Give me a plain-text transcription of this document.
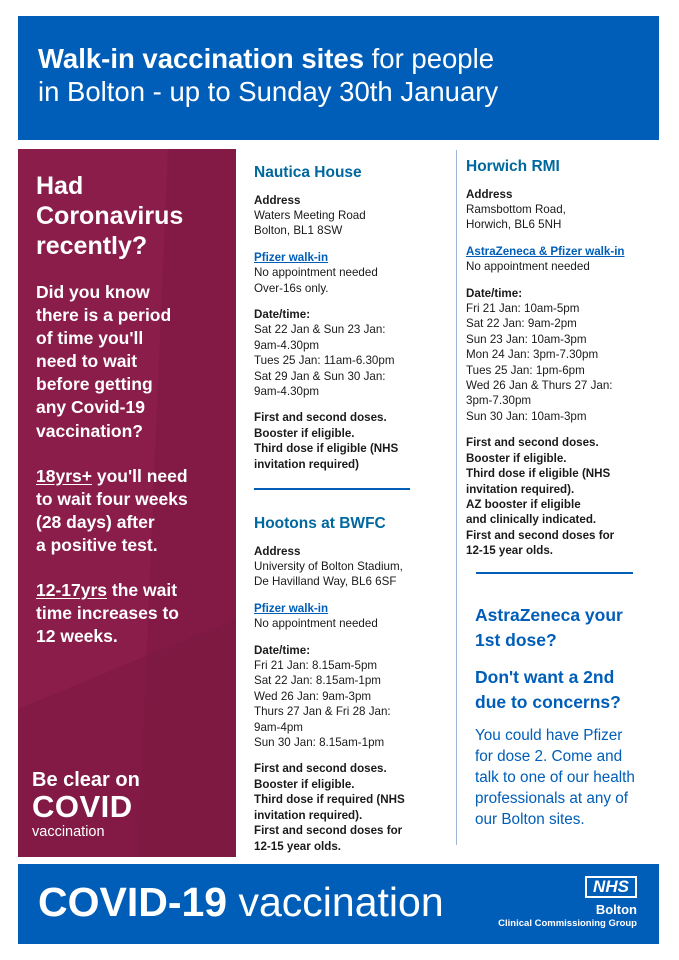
Walk-in vaccination sites for people
in Bolton - up to Sunday 30th January
Had
Coronavirus
recently?

Did you know
there is a period
of time you'll
need to wait
before getting
any Covid-19
vaccination?

18yrs+ you'll need
to wait four weeks
(28 days) after
a positive test.

12-17yrs the wait
time increases to
12 weeks.

Be clear on
COVID
vaccination
Nautica House
Address
Waters Meeting Road
Bolton, BL1 8SW
Pfizer walk-in
No appointment needed
Over-16s only.
Date/time:
Sat 22 Jan & Sun 23 Jan:
9am-4.30pm
Tues 25 Jan: 11am-6.30pm
Sat 29 Jan & Sun 30 Jan:
9am-4.30pm
First and second doses.
Booster if eligible.
Third dose if eligible (NHS
invitation required)
Hootons at BWFC
Address
University of Bolton Stadium,
De Havilland Way, BL6 6SF
Pfizer walk-in
No appointment needed
Date/time:
Fri 21 Jan: 8.15am-5pm
Sat 22 Jan: 8.15am-1pm
Wed 26 Jan: 9am-3pm
Thurs 27 Jan & Fri 28 Jan:
9am-4pm
Sun 30 Jan: 8.15am-1pm
First and second doses.
Booster if eligible.
Third dose if required (NHS
invitation required).
First and second doses for
12-15 year olds.
Horwich RMI
Address
Ramsbottom Road,
Horwich, BL6 5NH
AstraZeneca & Pfizer walk-in
No appointment needed
Date/time:
Fri 21 Jan: 10am-5pm
Sat 22 Jan: 9am-2pm
Sun 23 Jan: 10am-3pm
Mon 24 Jan: 3pm-7.30pm
Tues 25 Jan: 1pm-6pm
Wed 26 Jan & Thurs 27 Jan:
3pm-7.30pm
Sun 30 Jan: 10am-3pm
First and second doses.
Booster if eligible.
Third dose if eligible (NHS
invitation required).
AZ booster if eligible
and clinically indicated.
First and second doses for
12-15 year olds.
AstraZeneca your
1st dose?
Don't want a 2nd
due to concerns?
You could have Pfizer
for dose 2. Come and
talk to one of our health
professionals at any of
our Bolton sites.
COVID-19 vaccination	NHS
Bolton
Clinical Commissioning Group
